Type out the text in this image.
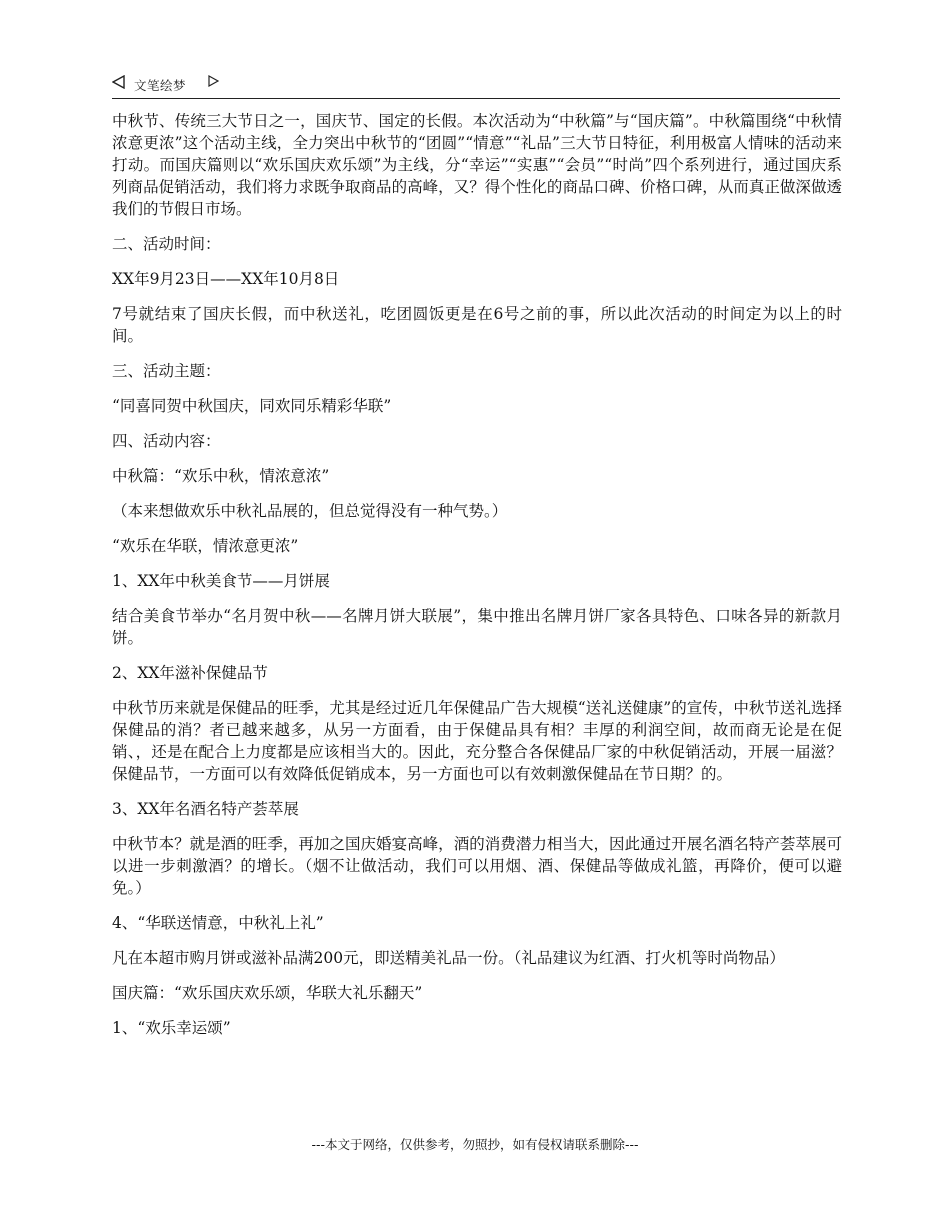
文笔绘梦

中秋节、传统三大节日之一，国庆节、国定的长假。本次活动为“中秋篇”与“国庆篇”。中秋篇围绕“中秋情浓意更浓”这个活动主线，全力突出中秋节的“团圆”“情意”“礼品”三大节日特征，利用极富人情味的活动来打动。而国庆篇则以“欢乐国庆欢乐颂”为主线，分“幸运”“实惠”“会员”“时尚”四个系列进行，通过国庆系列商品促销活动，我们将力求既争取商品的高峰，又？得个性化的商品口碑、价格口碑，从而真正做深做透我们的节假日市场。

二、活动时间：

XX年9月23日——XX年10月8日

7号就结束了国庆长假，而中秋送礼，吃团圆饭更是在6号之前的事，所以此次活动的时间定为以上的时间。

三、活动主题：

“同喜同贺中秋国庆，同欢同乐精彩华联”

四、活动内容：

中秋篇：“欢乐中秋，情浓意浓”

（本来想做欢乐中秋礼品展的，但总觉得没有一种气势。）

“欢乐在华联，情浓意更浓”

1、XX年中秋美食节——月饼展

结合美食节举办“名月贺中秋——名牌月饼大联展”，集中推出名牌月饼厂家各具特色、口味各异的新款月饼。

2、XX年滋补保健品节

中秋节历来就是保健品的旺季，尤其是经过近几年保健品广告大规模“送礼送健康”的宣传，中秋节送礼选择保健品的消？者已越来越多，从另一方面看，由于保健品具有相？丰厚的利润空间，故而商无论是在促销、，还是在配合上力度都是应该相当大的。因此，充分整合各保健品厂家的中秋促销活动，开展一届滋？保健品节，一方面可以有效降低促销成本，另一方面也可以有效刺激保健品在节日期？的。

3、XX年名酒名特产荟萃展

中秋节本？就是酒的旺季，再加之国庆婚宴高峰，酒的消费潜力相当大，因此通过开展名酒名特产荟萃展可以进一步刺激酒？的增长。（烟不让做活动，我们可以用烟、酒、保健品等做成礼篮，再降价，便可以避免。）

4、“华联送情意，中秋礼上礼”

凡在本超市购月饼或滋补品满200元，即送精美礼品一份。（礼品建议为红酒、打火机等时尚物品）

国庆篇：“欢乐国庆欢乐颂，华联大礼乐翻天”

1、“欢乐幸运颂”

---本文于网络，仅供参考，勿照抄，如有侵权请联系删除---
